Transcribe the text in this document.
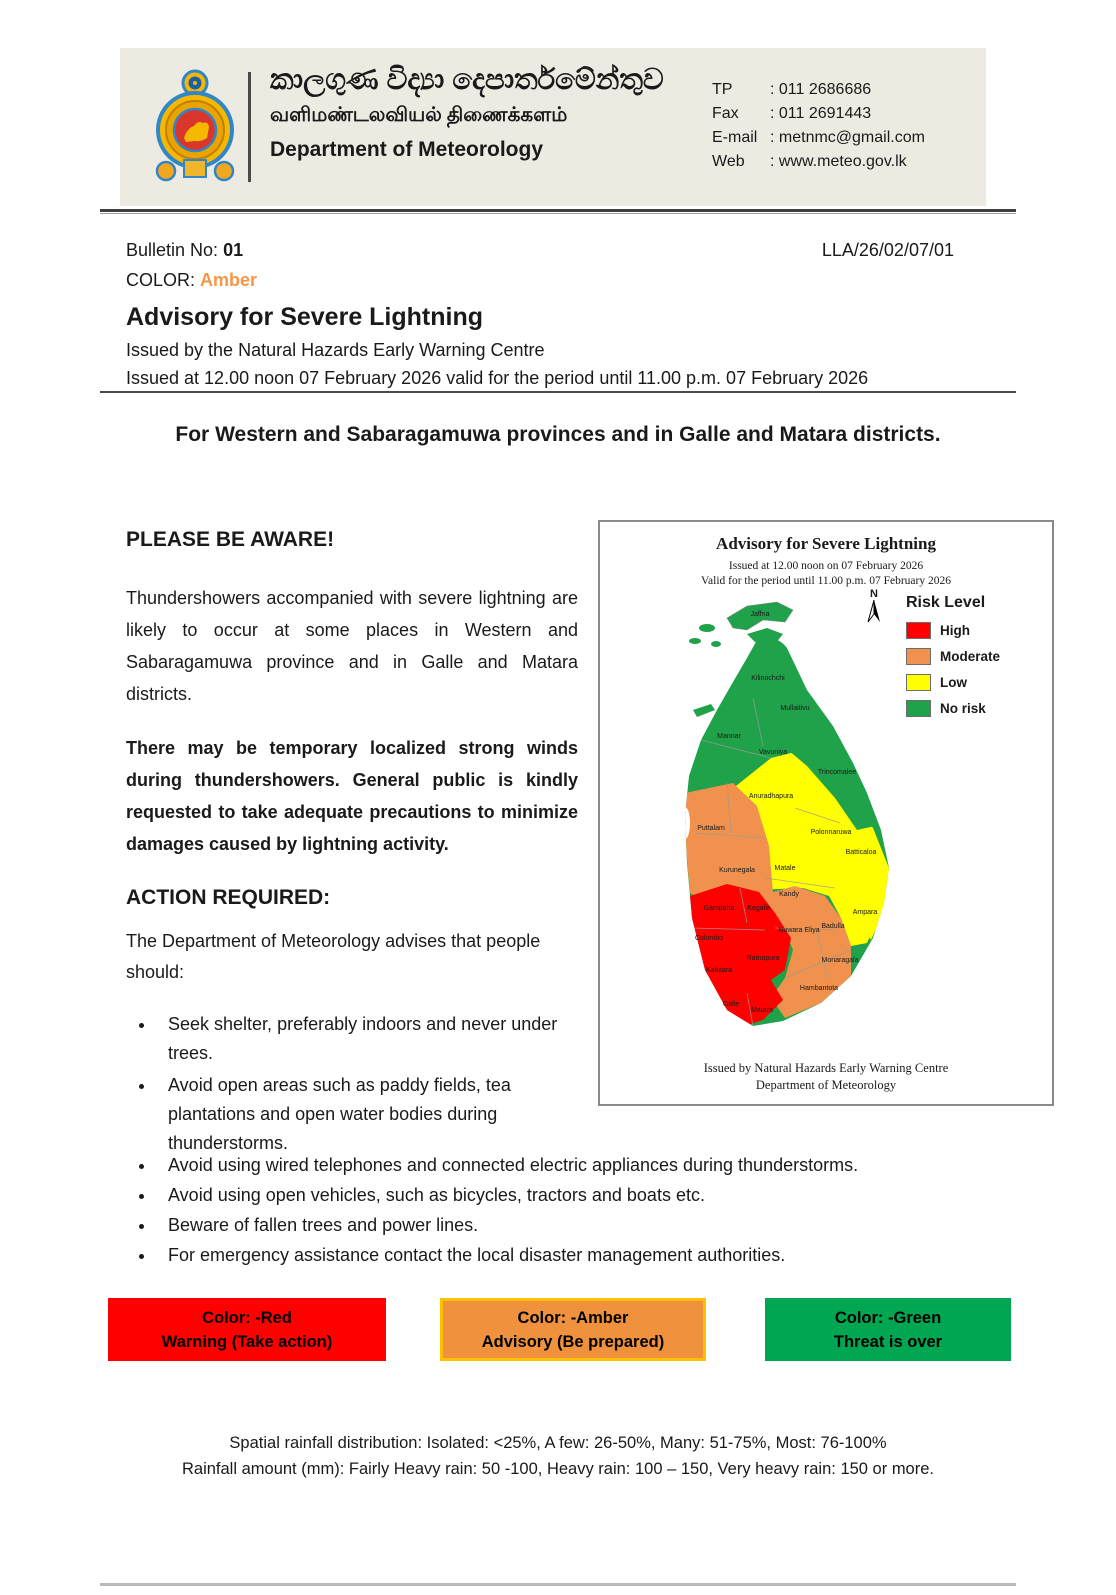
කාලගුණ විද්‍යා දෙපාර්තමේන්තුව
வளிமண்டலவியல் திணைக்களம்
Department of Meteorology
TP	: 011 2686686
Fax	: 011 2691443
E-mail : metnmc@gmail.com
Web	: www.meteo.gov.lk
Bulletin No: 01	LLA/26/02/07/01
COLOR: Amber
Advisory for Severe Lightning
Issued by the Natural Hazards Early Warning Centre
Issued at 12.00 noon 07 February 2026 valid for the period until 11.00 p.m. 07 February 2026
For Western and Sabaragamuwa provinces and in Galle and Matara districts.
PLEASE BE AWARE!
Thundershowers accompanied with severe lightning are likely to occur at some places in Western and Sabaragamuwa province and in Galle and Matara districts.
There may be temporary localized strong winds during thundershowers. General public is kindly requested to take adequate precautions to minimize damages caused by lightning activity.
ACTION REQUIRED:
The Department of Meteorology advises that people should:
• Seek shelter, preferably indoors and never under trees.
• Avoid open areas such as paddy fields, tea plantations and open water bodies during thunderstorms.
• Avoid using wired telephones and connected electric appliances during thunderstorms.
• Avoid using open vehicles, such as bicycles, tractors and boats etc.
• Beware of fallen trees and power lines.
• For emergency assistance contact the local disaster management authorities.
Advisory for Severe Lightning
Issued at 12.00 noon on 07 February 2026
Valid for the period until 11.00 p.m. 07 February 2026
N	Risk Level
High
Moderate
Low
No risk
Jaffna
Kilinochchi
Mullaitivu
Mannar
Vavuniya
Trincomalee
Anuradhapura
Puttalam
Polonnaruwa
Batticaloa
Matale
Kurunegala
Kandy
Ampara
Kegalle
Gampaha
Nuwara Eliya
Badulla
Colombo
Monaragala
Kalutara
Ratnapura
Hambantota
Galle
Matara
Issued by Natural Hazards Early Warning Centre
Department of Meteorology
Color: -Red
Warning (Take action)
Color: -Amber
Advisory (Be prepared)
Color: -Green
Threat is over
Spatial rainfall distribution: Isolated: <25%, A few: 26-50%, Many: 51-75%, Most: 76-100%
Rainfall amount (mm): Fairly Heavy rain: 50 -100, Heavy rain: 100 – 150, Very heavy rain: 150 or more.
